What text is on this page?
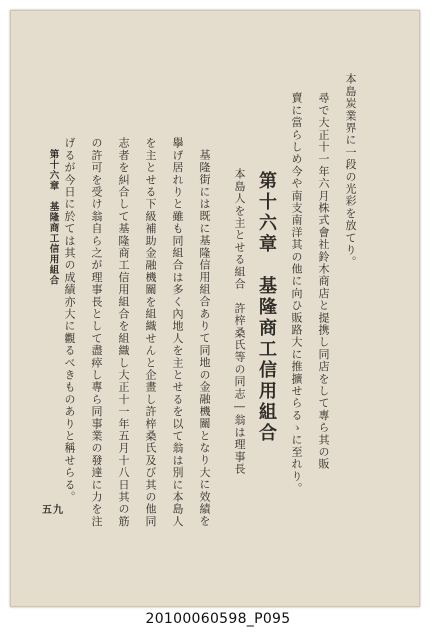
本島炭業界に一段の光彩を放てり。
尋で大正十一年六月株式會社鈴木商店と提携し同店をして專ら其の販
賣に當らしめ今や南支南洋其の他に向ひ販路大に推擴せらるゝに至れり。
第十六章　基隆商工信用組合
本島人を主とせる組合　許梓桑氏等の同志―翁は理事長
基隆街には既に基隆信用組合ありて同地の金融機關となり大に效績を
擧げ居れりと雖も同組合は多く內地人を主とせるを以て翁は別に本島人
を主とせる下級補助金融機關を組織せんと企畫し許梓桑氏及び其の他同
志者を糾合して基隆商工信用組合を組織し大正十一年五月十八日其の筋
の許可を受け翁自ら之が理事長として盡瘁し專ら同事業の發達に力を注
げるが今日に於ては其の成績亦大に觀るべきものありと稱せらる。
第十六章　基隆商工信用組合
五九
20100060598_P095
